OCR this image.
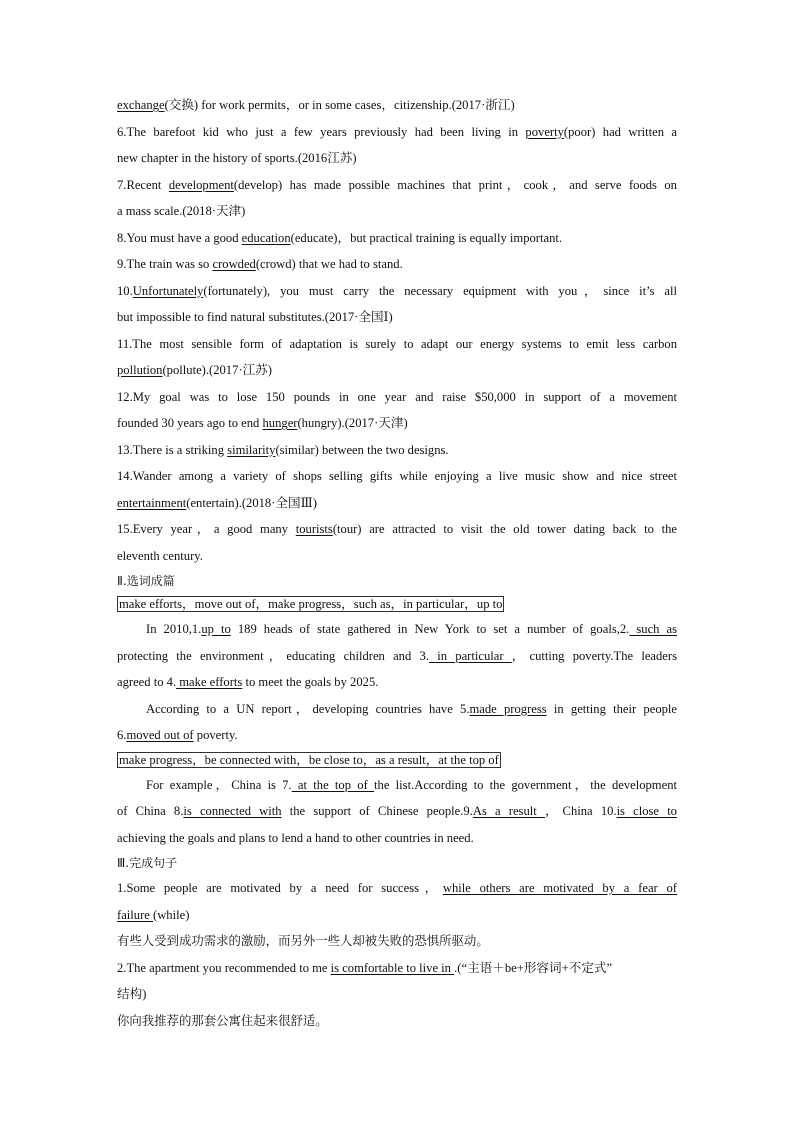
exchange(交换) for work permits，or in some cases，citizenship.(2017·浙江)
6.The barefoot kid who just a few years previously had been living in poverty(poor) had written a
new chapter in the history of sports.(2016江苏)
7.Recent development(develop) has made possible machines that print，cook，and serve foods on
a mass scale.(2018·天津)
8.You must have a good education(educate)，but practical training is equally important.
9.The train was so crowded(crowd) that we had to stand.
10.Unfortunately(fortunately), you must carry the necessary equipment with you，since it’s all
but impossible to find natural substitutes.(2017·全国Ⅰ)
11.The most sensible form of adaptation is surely to adapt our energy systems to emit less carbon
pollution(pollute).(2017·江苏)
12.My goal was to lose 150 pounds in one year and raise $50,000 in support of a movement
founded 30 years ago to end hunger(hungry).(2017·天津)
13.There is a striking similarity(similar) between the two designs.
14.Wander among a variety of shops selling gifts while enjoying a live music show and nice street
entertainment(entertain).(2018·全国Ⅲ)
15.Every year，a good many tourists(tour) are attracted to visit the old tower dating back to the
eleventh century.
Ⅱ.选词成篇
make efforts，move out of，make progress，such as，in particular，up to
In 2010,1.up to 189 heads of state gathered in New York to set a number of goals,2. such as
protecting the environment，educating children and 3. in particular ，cutting poverty.The leaders
agreed to 4. make efforts to meet the goals by 2025.
According to a UN report，developing countries have 5.made progress in getting their people
6.moved out of poverty.
make progress，be connected with，be close to，as a result，at the top of
For example，China is 7. at the top of the list.According to the government，the development
of China 8.is connected with the support of Chinese people.9.As a result ，China 10.is close to
achieving the goals and plans to lend a hand to other countries in need.
Ⅲ.完成句子
1.Some people are motivated by a need for success，while others are motivated by a fear of
failure (while)
有些人受到成功需求的激励，而另外一些人却被失败的恐惧所驱动。
2.The apartment you recommended to me is comfortable to live in .(“主语＋be+形容词+不定式”
结构)
你向我推荐的那套公寓住起来很舒适。
